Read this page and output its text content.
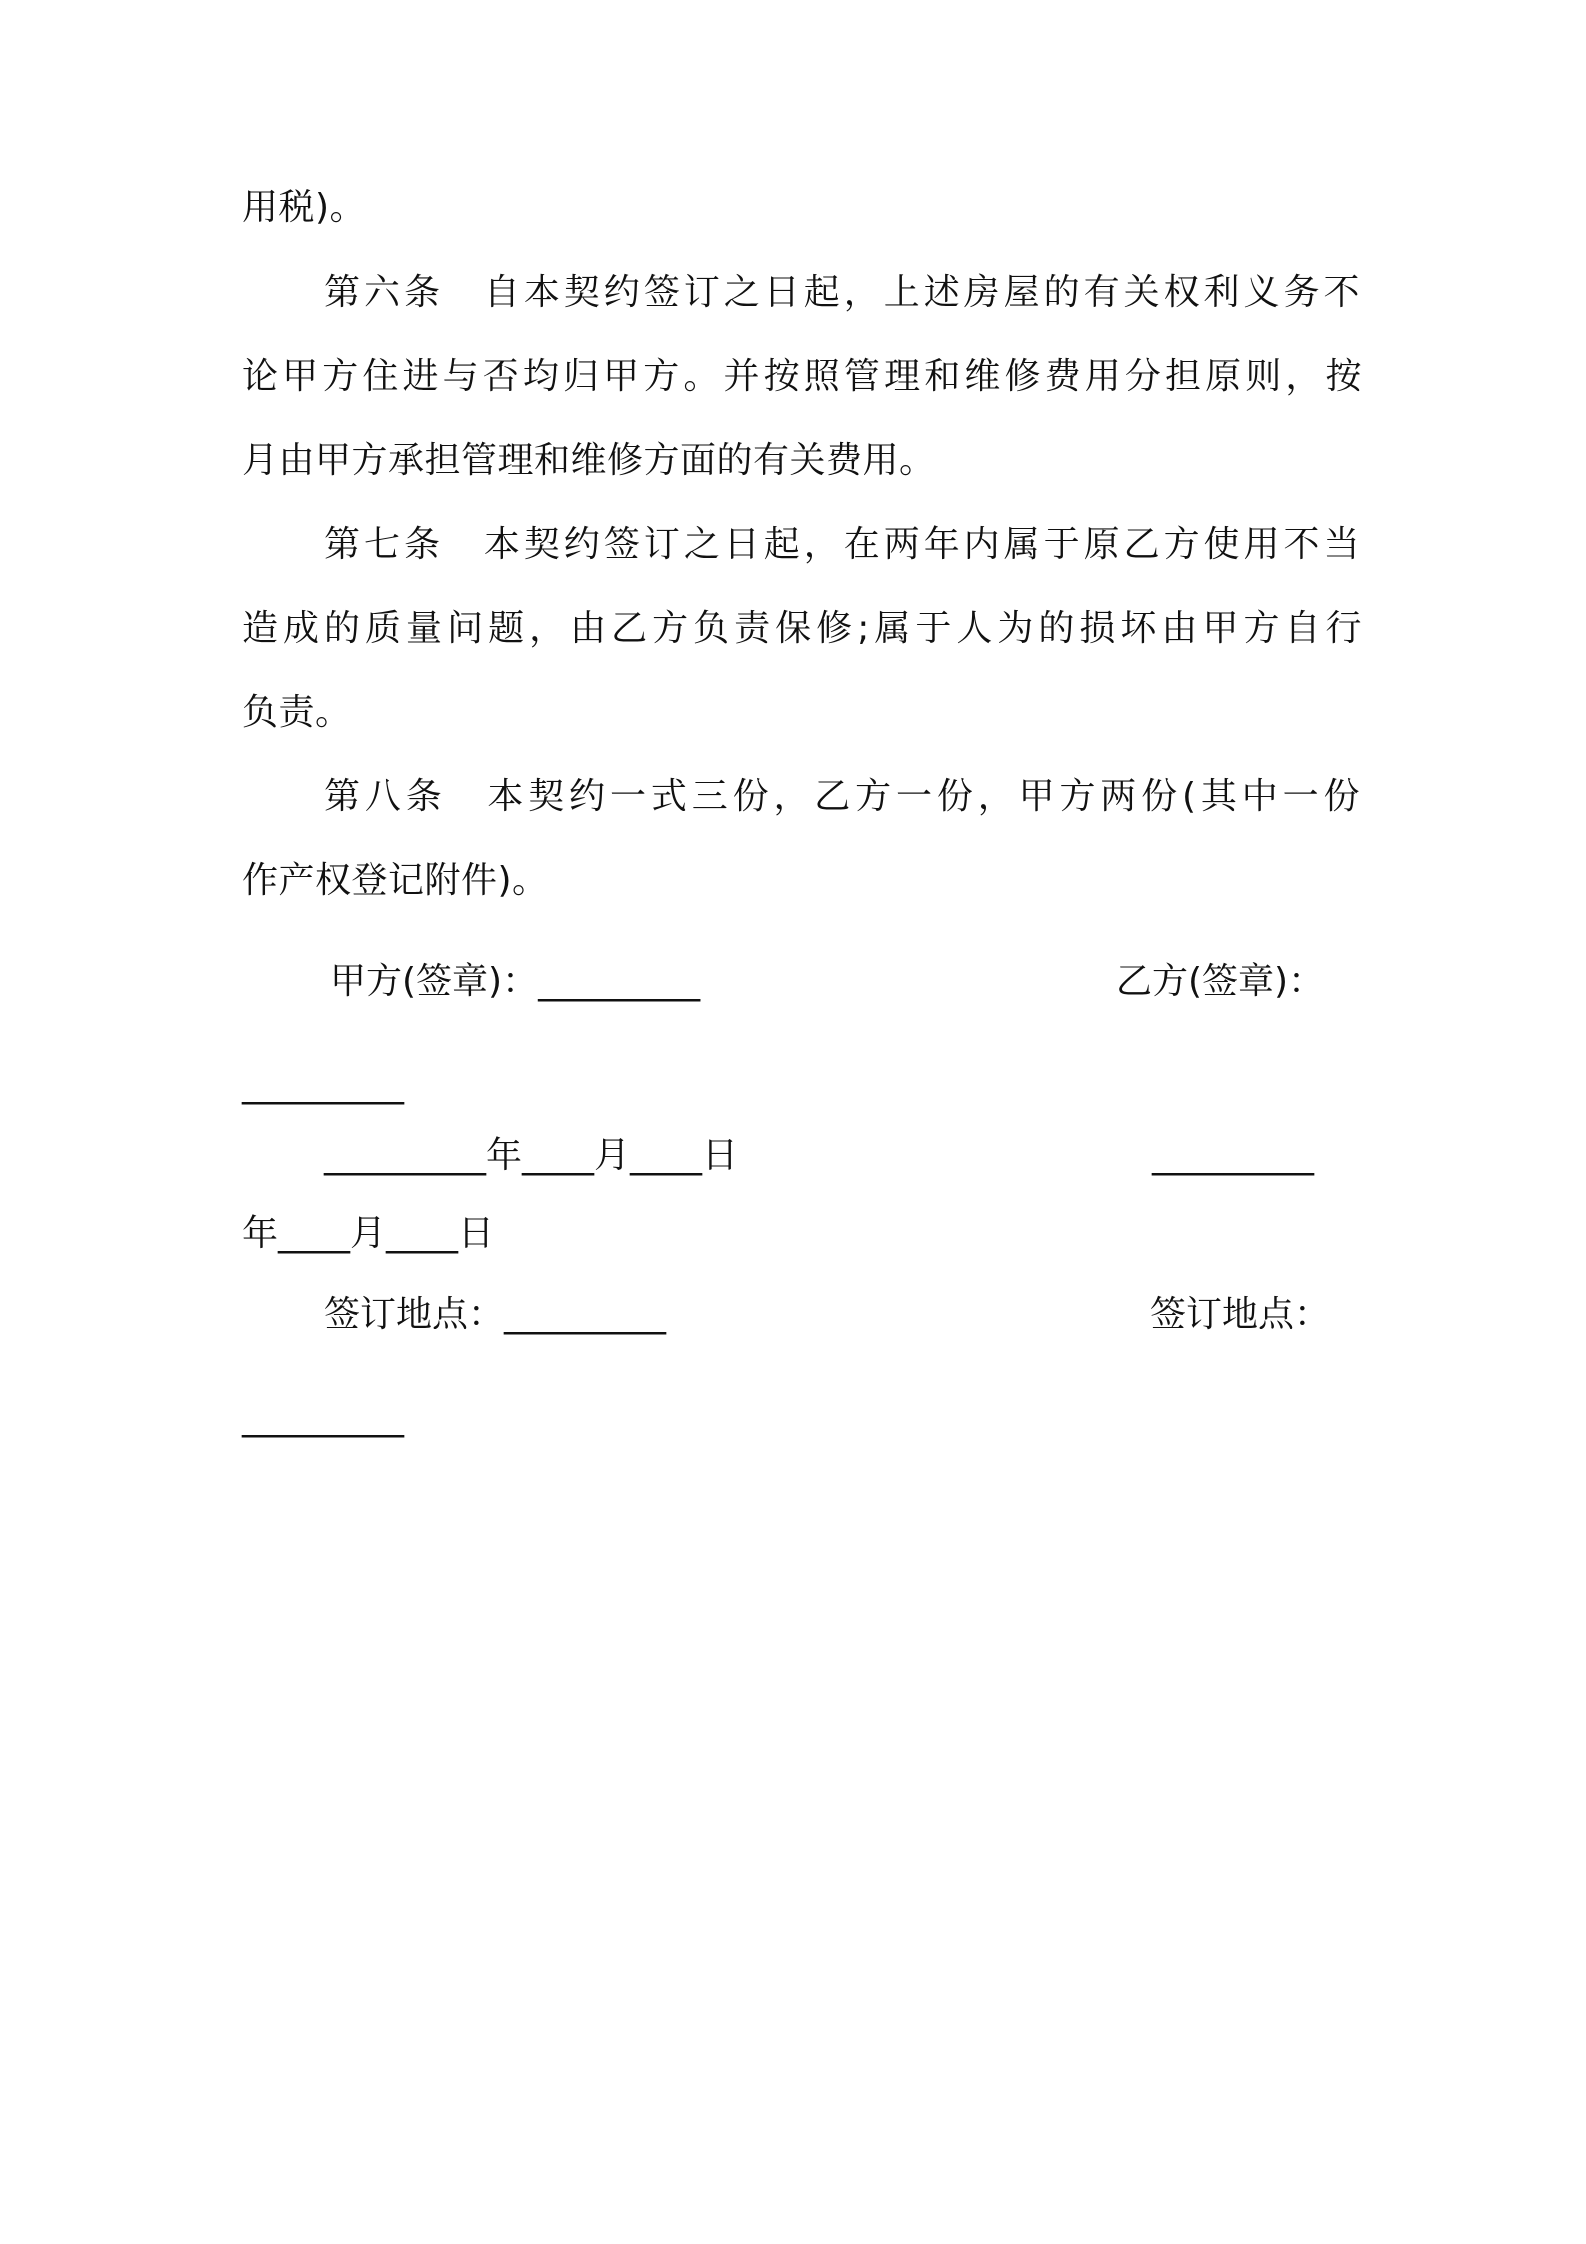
用税)。
第六条　自本契约签订之日起，上述房屋的有关权利义务不
论甲方住进与否均归甲方。并按照管理和维修费用分担原则，按
月由甲方承担管理和维修方面的有关费用。
第七条　本契约签订之日起，在两年内属于原乙方使用不当
造成的质量问题，由乙方负责保修;属于人为的损坏由甲方自行
负责。
第八条　本契约一式三份，乙方一份，甲方两份(其中一份
作产权登记附件)。
甲方(签章)：_________	乙方(签章)：
_________
_________年____月____日	_________
年____月____日
签订地点：_________	签订地点：
_________
